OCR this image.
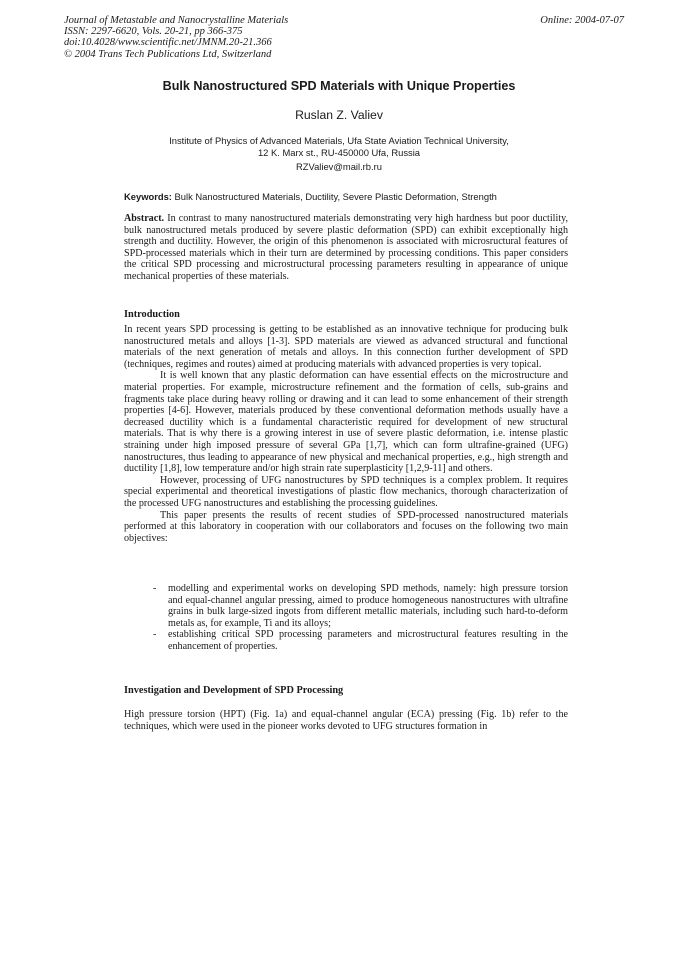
Journal of Metastable and Nanocrystalline Materials
ISSN: 2297-6620, Vols. 20-21, pp 366-375
doi:10.4028/www.scientific.net/JMNM.20-21.366
© 2004 Trans Tech Publications Ltd, Switzerland
Online: 2004-07-07
Bulk Nanostructured SPD Materials with Unique Properties
Ruslan Z. Valiev
Institute of Physics of Advanced Materials, Ufa State Aviation Technical University,
12 K. Marx st., RU-450000 Ufa, Russia
RZValiev@mail.rb.ru
Keywords: Bulk Nanostructured Materials, Ductility, Severe Plastic Deformation, Strength
Abstract. In contrast to many nanostructured materials demonstrating very high hardness but poor ductility, bulk nanostructured metals produced by severe plastic deformation (SPD) can exhibit exceptionally high strength and ductility. However, the origin of this phenomenon is associated with microsructural features of SPD-processed materials which in their turn are determined by processing conditions. This paper considers the critical SPD processing and microstructural processing parameters resulting in appearance of unique mechanical properties of these materials.
Introduction

In recent years SPD processing is getting to be established as an innovative technique for producing bulk nanostructured metals and alloys [1-3]. SPD materials are viewed as advanced structural and functional materials of the next generation of metals and alloys. In this connection further development of SPD (techniques, regimes and routes) aimed at producing materials with advanced properties is very topical.

It is well known that any plastic deformation can have essential effects on the microstructure and material properties. For example, microstructure refinement and the formation of cells, sub-grains and fragments take place during heavy rolling or drawing and it can lead to some enhancement of their strength properties [4-6]. However, materials produced by these conventional deformation methods usually have a decreased ductility which is a fundamental characteristic required for development of new structural materials. That is why there is a growing interest in use of severe plastic deformation, i.e. intense plastic straining under high imposed pressure of several GPa [1,7], which can form ultrafine-grained (UFG) nanostructures, thus leading to appearance of new physical and mechanical properties, e.g., high strength and ductility [1,8], low temperature and/or high strain rate superplasticity [1,2,9-11] and others.

However, processing of UFG nanostructures by SPD techniques is a complex problem. It requires special experimental and theoretical investigations of plastic flow mechanics, thorough characterization of the processed UFG nanostructures and establishing the processing guidelines.

This paper presents the results of recent studies of SPD-processed nanostructured materials performed at this laboratory in cooperation with our collaborators and focuses on the following two main objectives:

- modelling and experimental works on developing SPD methods, namely: high pressure torsion and equal-channel angular pressing, aimed to produce homogeneous nanostructures with ultrafine grains in bulk large-sized ingots from different metallic materials, including such hard-to-deform metals as, for example, Ti and its alloys;

- establishing critical SPD processing parameters and microstructural features resulting in the enhancement of properties.

Investigation and Development of SPD Processing
High pressure torsion (HPT) (Fig. 1a) and equal-channel angular (ECA) pressing (Fig. 1b) refer to the techniques, which were used in the pioneer works devoted to UFG structures formation in
